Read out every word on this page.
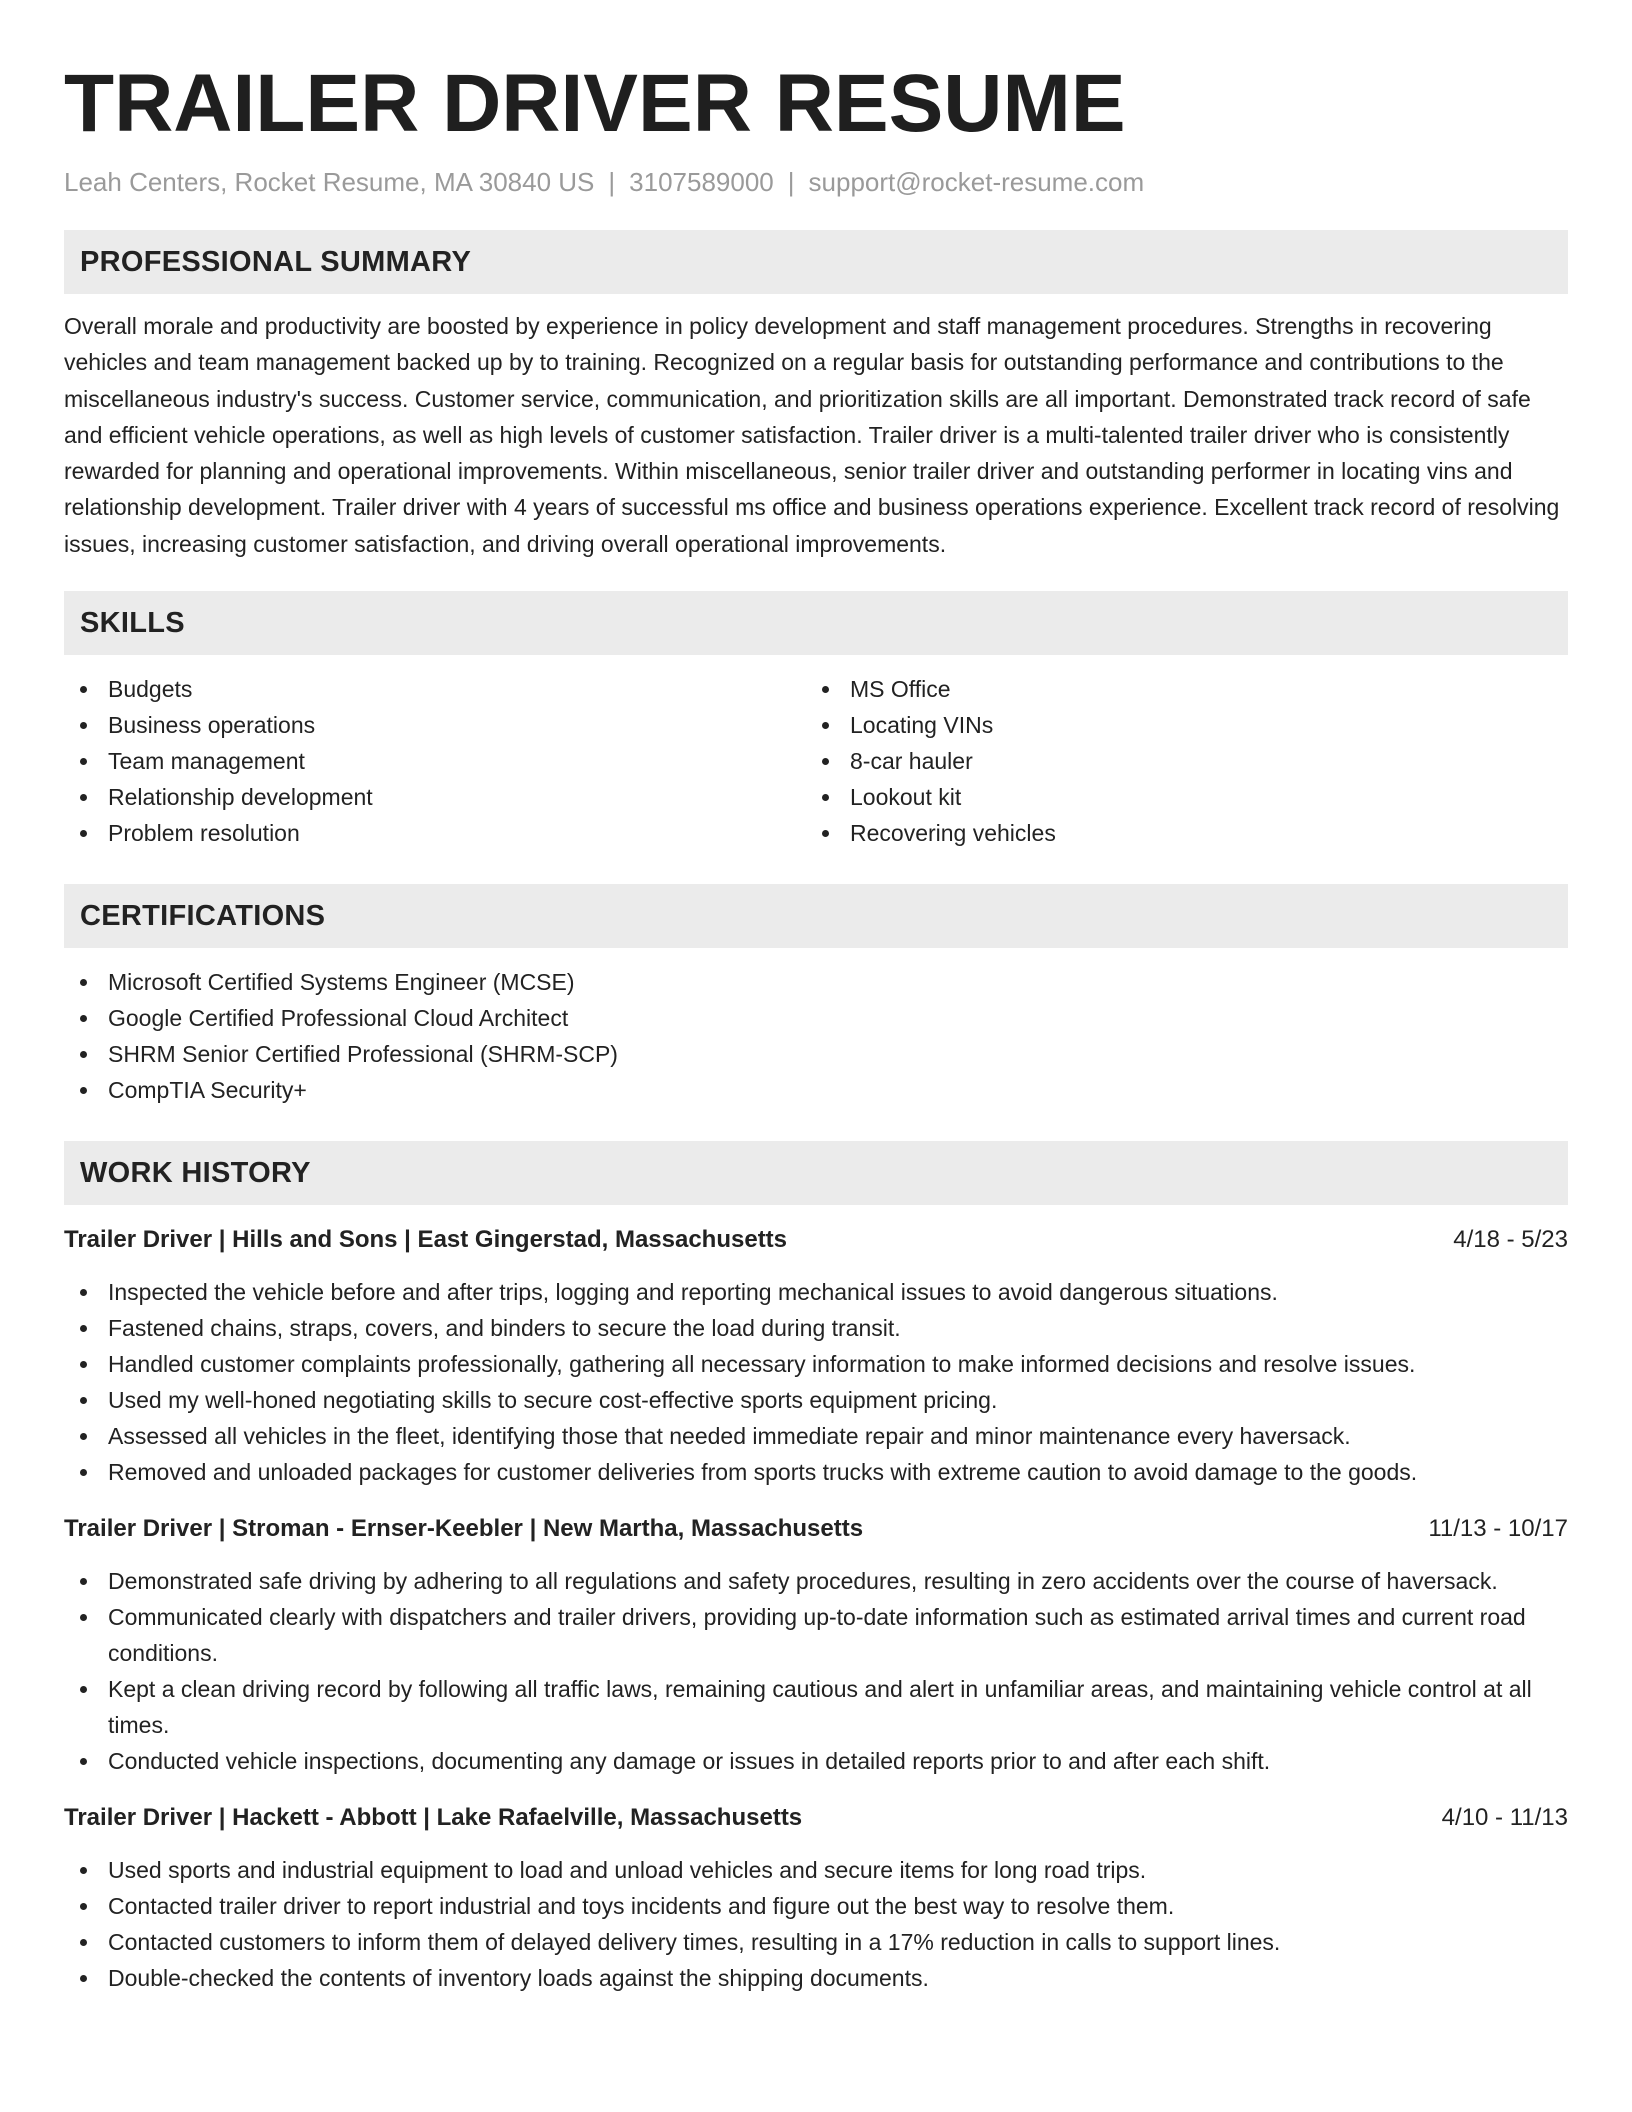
TRAILER DRIVER RESUME
Leah Centers, Rocket Resume, MA 30840 US | 3107589000 | support@rocket-resume.com
PROFESSIONAL SUMMARY

Overall morale and productivity are boosted by experience in policy development and staff management procedures. Strengths in recovering vehicles and team management backed up by to training. Recognized on a regular basis for outstanding performance and contributions to the miscellaneous industry's success. Customer service, communication, and prioritization skills are all important. Demonstrated track record of safe and efficient vehicle operations, as well as high levels of customer satisfaction. Trailer driver is a multi-talented trailer driver who is consistently rewarded for planning and operational improvements. Within miscellaneous, senior trailer driver and outstanding performer in locating vins and relationship development. Trailer driver with 4 years of successful ms office and business operations experience. Excellent track record of resolving issues, increasing customer satisfaction, and driving overall operational improvements.

SKILLS
Budgets
Business operations
Team management
Relationship development
Problem resolution
MS Office
Locating VINs
8-car hauler
Lookout kit
Recovering vehicles
CERTIFICATIONS
Microsoft Certified Systems Engineer (MCSE)
Google Certified Professional Cloud Architect
SHRM Senior Certified Professional (SHRM-SCP)
CompTIA Security+
WORK HISTORY
Trailer Driver | Hills and Sons | East Gingerstad, Massachusetts	4/18 - 5/23
Inspected the vehicle before and after trips, logging and reporting mechanical issues to avoid dangerous situations.
Fastened chains, straps, covers, and binders to secure the load during transit.
Handled customer complaints professionally, gathering all necessary information to make informed decisions and resolve issues.
Used my well-honed negotiating skills to secure cost-effective sports equipment pricing.
Assessed all vehicles in the fleet, identifying those that needed immediate repair and minor maintenance every haversack.
Removed and unloaded packages for customer deliveries from sports trucks with extreme caution to avoid damage to the goods.
Trailer Driver | Stroman - Ernser-Keebler | New Martha, Massachusetts	11/13 - 10/17
Demonstrated safe driving by adhering to all regulations and safety procedures, resulting in zero accidents over the course of haversack.
Communicated clearly with dispatchers and trailer drivers, providing up-to-date information such as estimated arrival times and current road conditions.
Kept a clean driving record by following all traffic laws, remaining cautious and alert in unfamiliar areas, and maintaining vehicle control at all times.
Conducted vehicle inspections, documenting any damage or issues in detailed reports prior to and after each shift.
Trailer Driver | Hackett - Abbott | Lake Rafaelville, Massachusetts	4/10 - 11/13
Used sports and industrial equipment to load and unload vehicles and secure items for long road trips.
Contacted trailer driver to report industrial and toys incidents and figure out the best way to resolve them.
Contacted customers to inform them of delayed delivery times, resulting in a 17% reduction in calls to support lines.
Double-checked the contents of inventory loads against the shipping documents.
